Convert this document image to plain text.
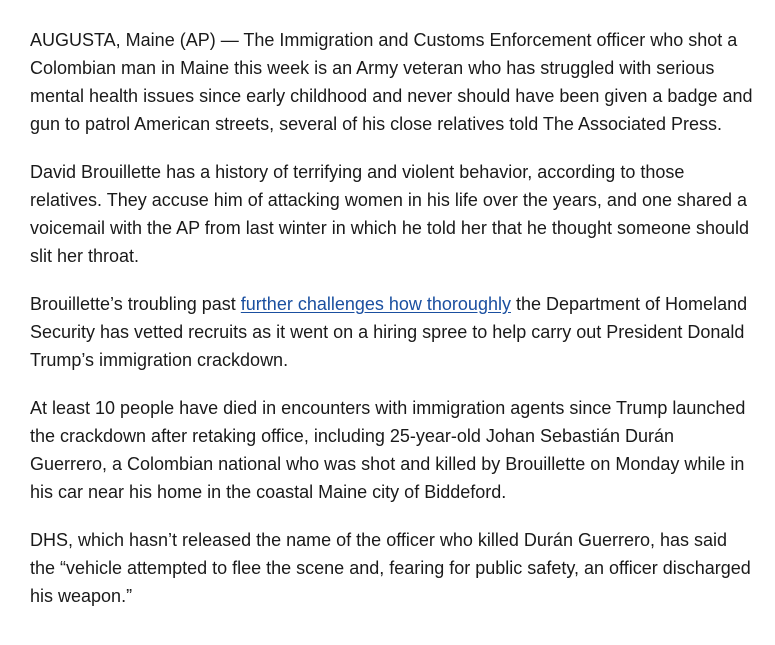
AUGUSTA, Maine (AP) — The Immigration and Customs Enforcement officer who shot a Colombian man in Maine this week is an Army veteran who has struggled with serious mental health issues since early childhood and never should have been given a badge and gun to patrol American streets, several of his close relatives told The Associated Press.

David Brouillette has a history of terrifying and violent behavior, according to those relatives. They accuse him of attacking women in his life over the years, and one shared a voicemail with the AP from last winter in which he told her that he thought someone should slit her throat.

Brouillette’s troubling past further challenges how thoroughly the Department of Homeland Security has vetted recruits as it went on a hiring spree to help carry out President Donald Trump’s immigration crackdown.

At least 10 people have died in encounters with immigration agents since Trump launched the crackdown after retaking office, including 25-year-old Johan Sebastián Durán Guerrero, a Colombian national who was shot and killed by Brouillette on Monday while in his car near his home in the coastal Maine city of Biddeford.

DHS, which hasn’t released the name of the officer who killed Durán Guerrero, has said the “vehicle attempted to flee the scene and, fearing for public safety, an officer discharged his weapon.”
